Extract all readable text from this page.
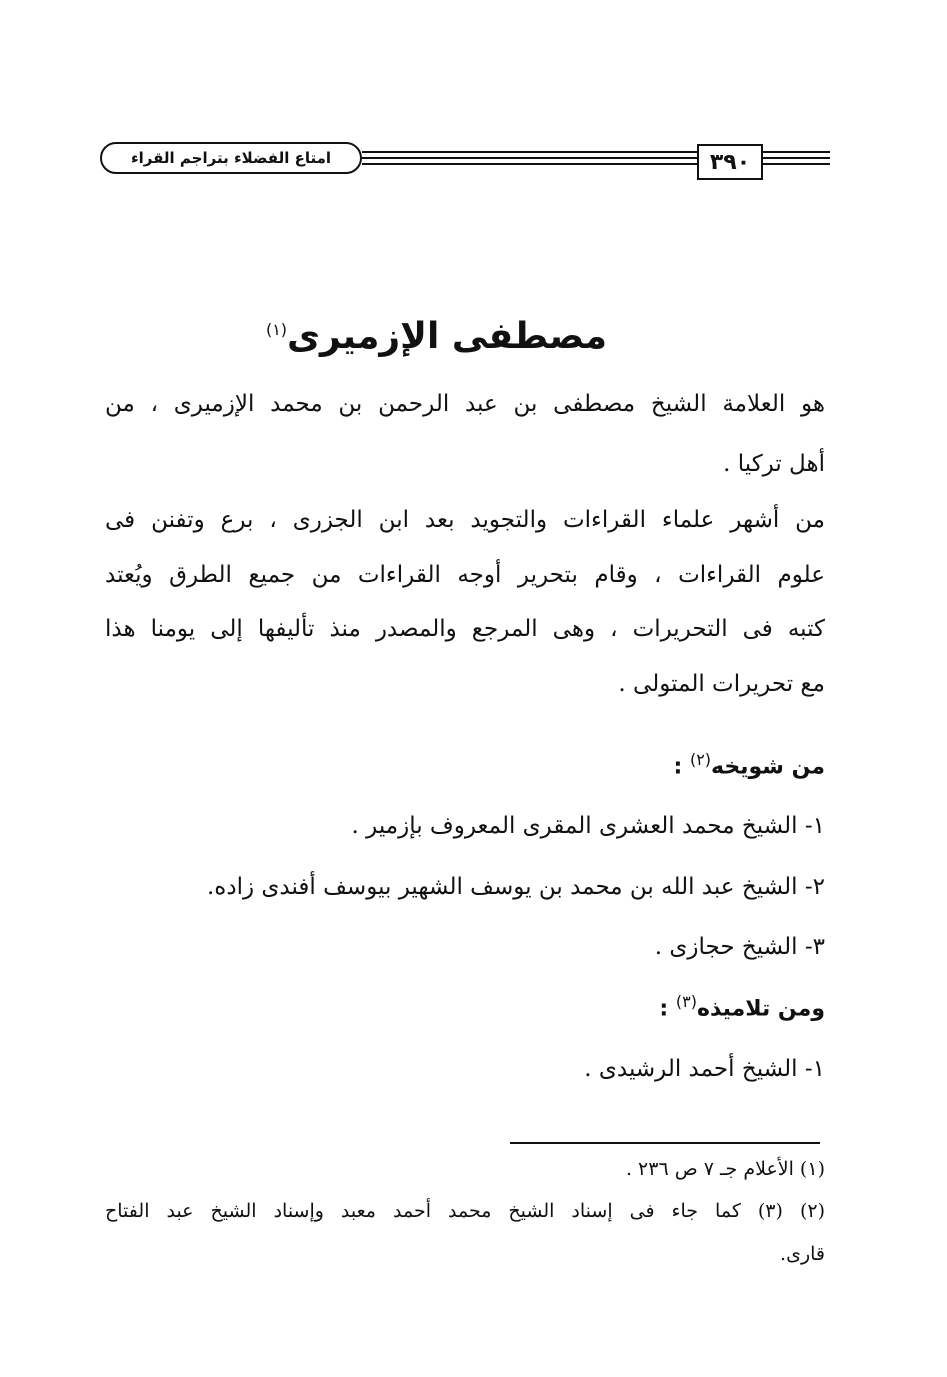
امتاع الفضلاء بتراجم القراء	٣٩٠
مصطفى الإزميرى$^{(١)}$
هو العلامة الشيخ مصطفى بن عبد الرحمن بن محمد الإزميرى ، من
أهل تركيا .
من أشهر علماء القراءات والتجويد بعد ابن الجزرى ، برع وتفنن فى
علوم القراءات ، وقام بتحرير أوجه القراءات من جميع الطرق ويُعتد
كتبه فى التحريرات ، وهى المرجع والمصدر منذ تأليفها إلى يومنا هذا
مع تحريرات المتولى .
من شويخه$^{(٢)}$ :
١- الشيخ محمد العشرى المقرى المعروف بإزمير .
٢- الشيخ عبد الله بن محمد بن يوسف الشهير بيوسف أفندى زاده.
٣- الشيخ حجازى .
ومن تلاميذه$^{(٣)}$ :
١- الشيخ أحمد الرشيدى .
(١) الأعلام جـ ٧ ص ٢٣٦ .
(٢) (٣) كما جاء فى إسناد الشيخ محمد أحمد معبد وإسناد الشيخ عبد الفتاح
قارى.
